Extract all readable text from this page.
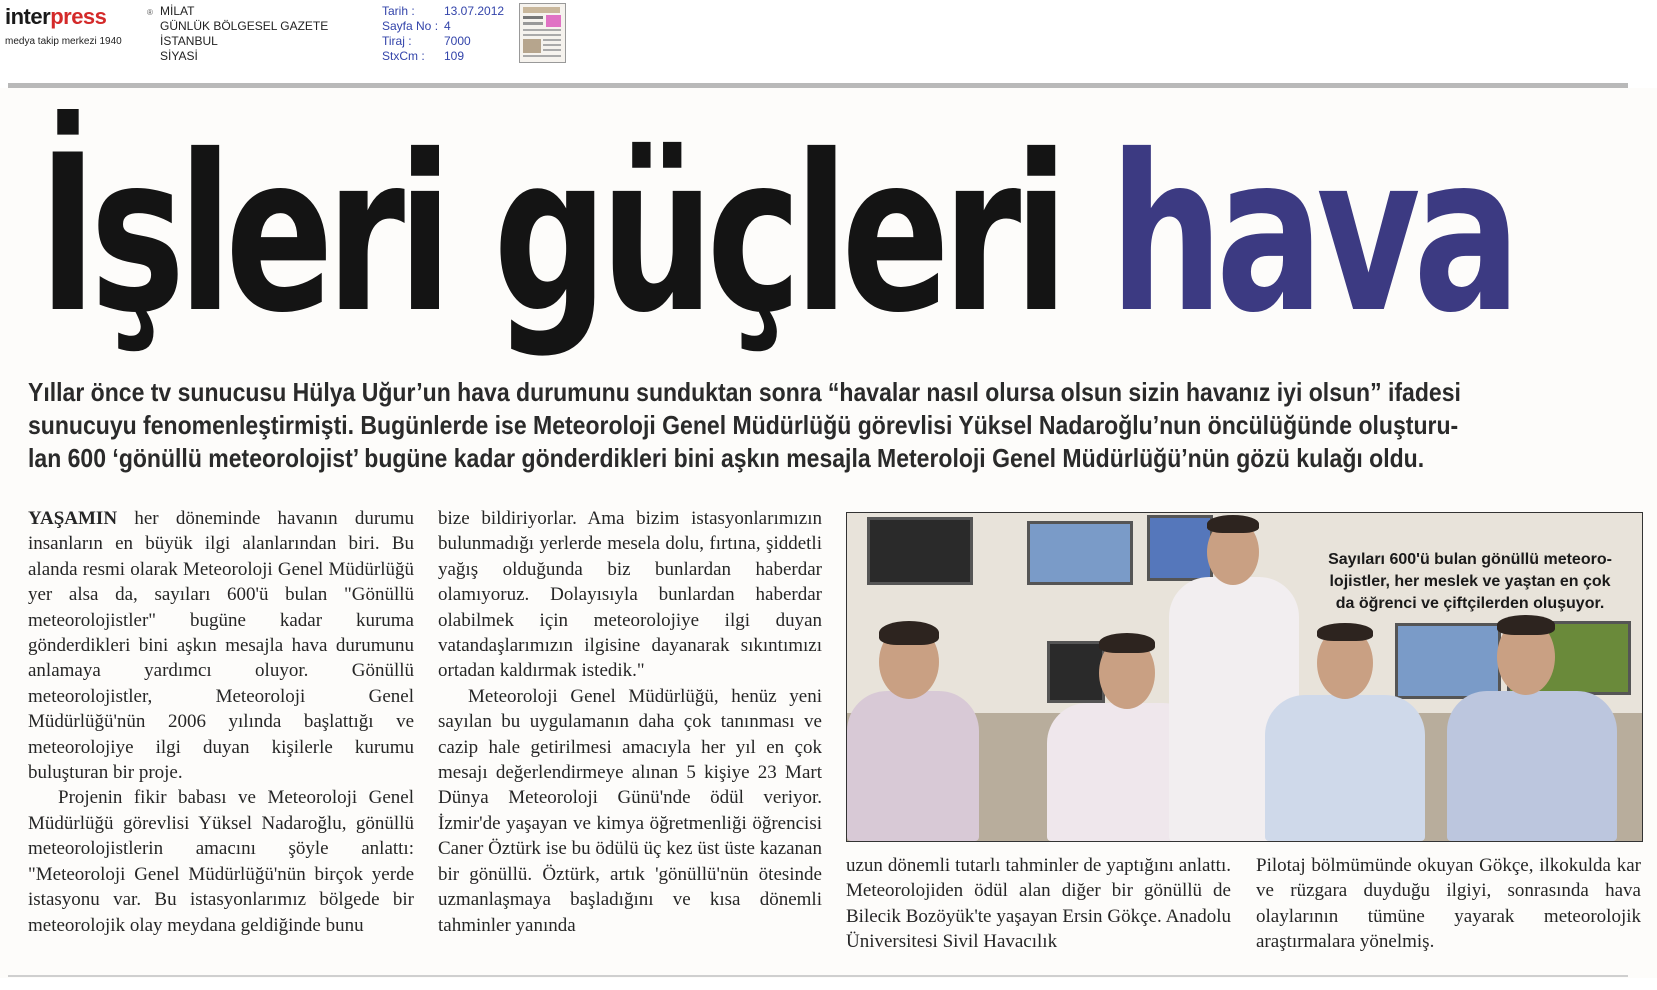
interpress	®
medya takip merkezi 1940
MİLAT
GÜNLÜK BÖLGESEL GAZETE
İSTANBUL
SİYASİ
Tarih :	13.07.2012
Sayfa No : 4
Tiraj :	7000
StxCm :	109
İşleri güçleri hava

Yıllar önce tv sunucusu Hülya Uğur’un hava durumunu sunduktan sonra “havalar nasıl olursa olsun sizin havanız iyi olsun” ifadesi

sunucuyu fenomenleştirmişti. Bugünlerde ise Meteoroloji Genel Müdürlüğü görevlisi Yüksel Nadaroğlu’nun öncülüğünde oluşturu-

lan 600 ‘gönüllü meteorolojist’ bugüne kadar gönderdikleri bini aşkın mesajla Meteroloji Genel Müdürlüğü’nün gözü kulağı oldu.

YAŞAMIN her döneminde havanın durumu insanların en büyük ilgi alanlarından biri. Bu alanda resmi olarak Meteoroloji Genel Müdürlüğü yer alsa da, sayıları 600'ü bulan "Gönüllü meteorolojistler" bugüne kadar kuruma gönderdikleri bini aşkın mesajla hava durumunu anlamaya yardımcı oluyor. Gönüllü meteorolojistler, Meteoroloji Genel Müdürlüğü'nün 2006 yılında başlattığı ve meteorolojiye ilgi duyan kişilerle kurumu buluşturan bir proje.

Projenin fikir babası ve Meteoroloji Genel Müdürlüğü görevlisi Yüksel Nadaroğlu, gönüllü meteorolojistlerin amacını şöyle anlattı: "Meteoroloji Genel Müdürlüğü'nün birçok yerde istasyonu var. Bu istasyonlarımız bölgede bir meteorolojik olay meydana geldiğinde bunu

bize bildiriyorlar. Ama bizim istasyonlarımızın bulunmadığı yerlerde mesela dolu, fırtına, şiddetli yağış olduğunda biz bunlardan haberdar olamıyoruz. Dolayısıyla bunlardan haberdar olabilmek için meteorolojiye ilgi duyan vatandaşlarımızın ilgisine dayanarak sıkıntımızı ortadan kaldırmak istedik."

Meteoroloji Genel Müdürlüğü, henüz yeni sayılan bu uygulamanın daha çok tanınması ve cazip hale getirilmesi amacıyla her yıl en çok mesajı değerlendirmeye alınan 5 kişiye 23 Mart Dünya Meteoroloji Günü'nde ödül veriyor. İzmir'de yaşayan ve kimya öğretmenliği öğrencisi Caner Öztürk ise bu ödülü üç kez üst üste kazanan bir gönüllü. Öztürk, artık 'gönüllü'nün ötesinde uzmanlaşmaya başladığını ve kısa dönemli tahminler yanında

Sayıları 600'ü bulan gönüllü meteoro-

lojistler, her meslek ve yaştan en çok

da öğrenci ve çiftçilerden oluşuyor.

uzun dönemli tutarlı tahminler de yaptığını anlattı. Meteorolojiden ödül alan diğer bir gönüllü de Bilecik Bozöyük'te yaşayan Ersin Gökçe. Anadolu Üniversitesi Sivil Havacılık

Pilotaj bölmümünde okuyan Gökçe, ilkokulda kar ve rüzgara duyduğu ilgiyi, sonrasında hava olaylarının tümüne yayarak meteorolojik araştırmalara yönelmiş.
